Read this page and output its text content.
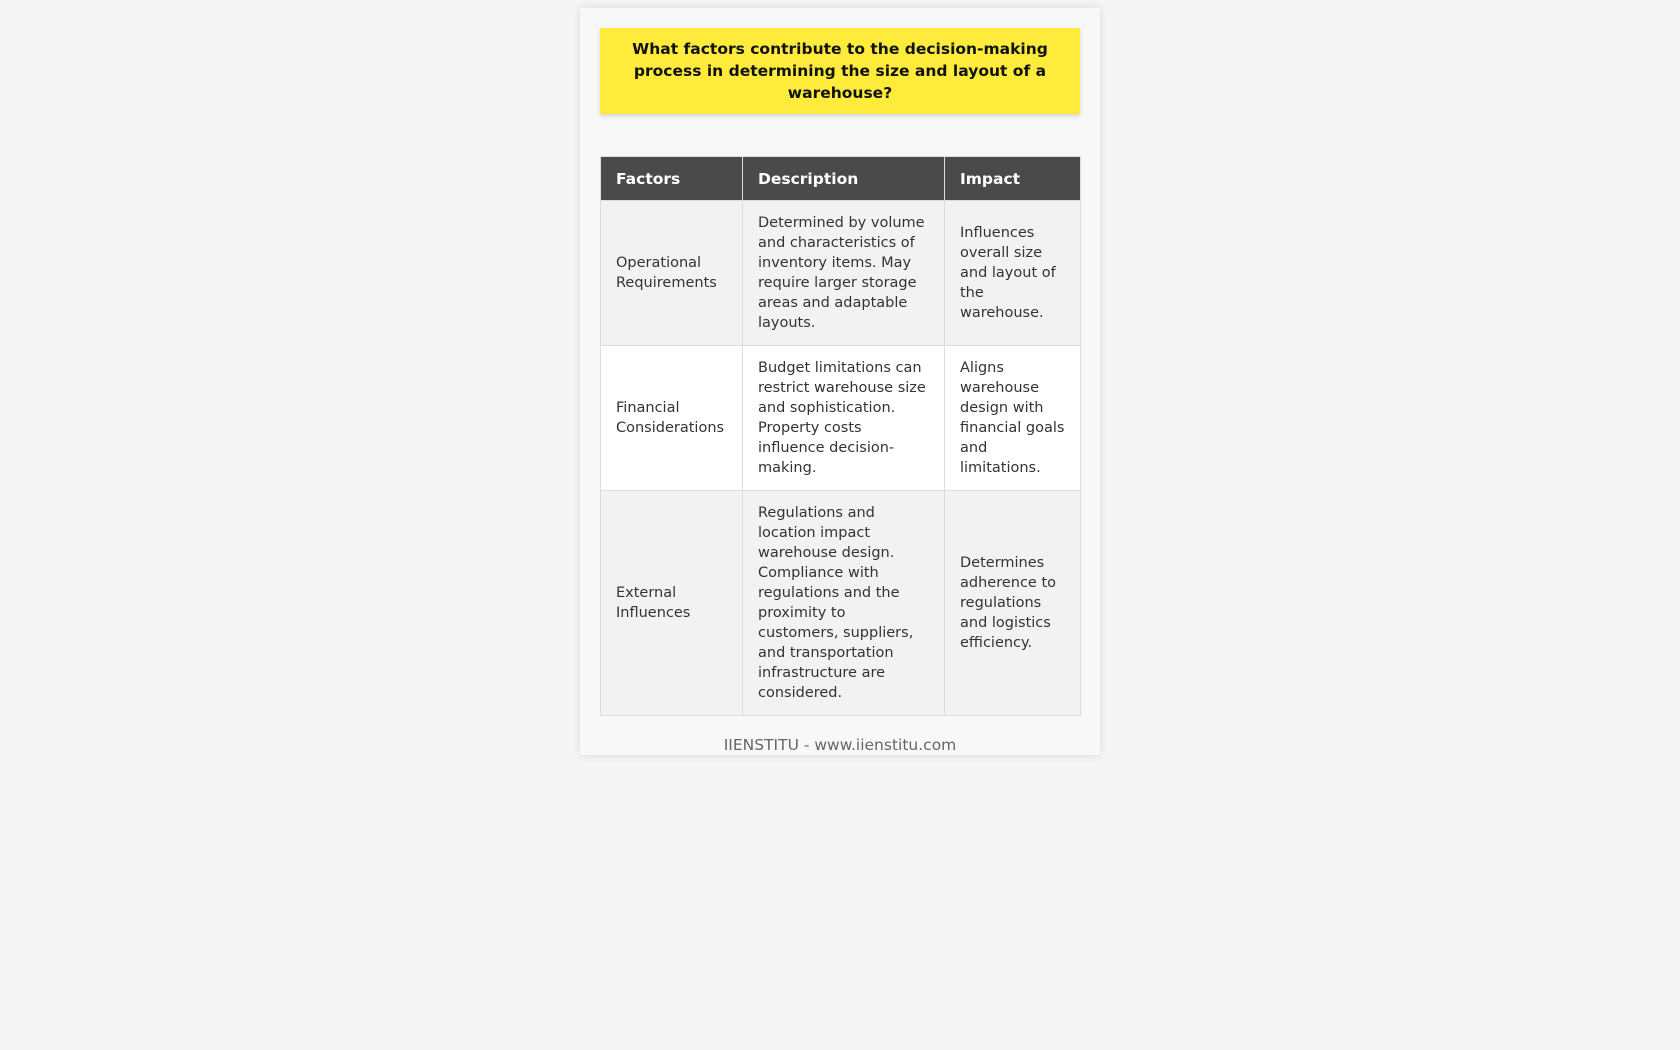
What factors contribute to the decision-making process in determining the size and layout of a warehouse?
Factors	Description	Impact
Operational Requirements	Determined by volume and characteristics of inventory items. May require larger storage areas and adaptable layouts.	Influences overall size and layout of the warehouse.
Financial Considerations	Budget limitations can restrict warehouse size and sophistication. Property costs influence decision-making.	Aligns warehouse design with financial goals and limitations.
External Influences	Regulations and location impact warehouse design. Compliance with regulations and the proximity to customers, suppliers, and transportation infrastructure are considered.	Determines adherence to regulations and logistics efficiency.
IIENSTITU - www.iienstitu.com
